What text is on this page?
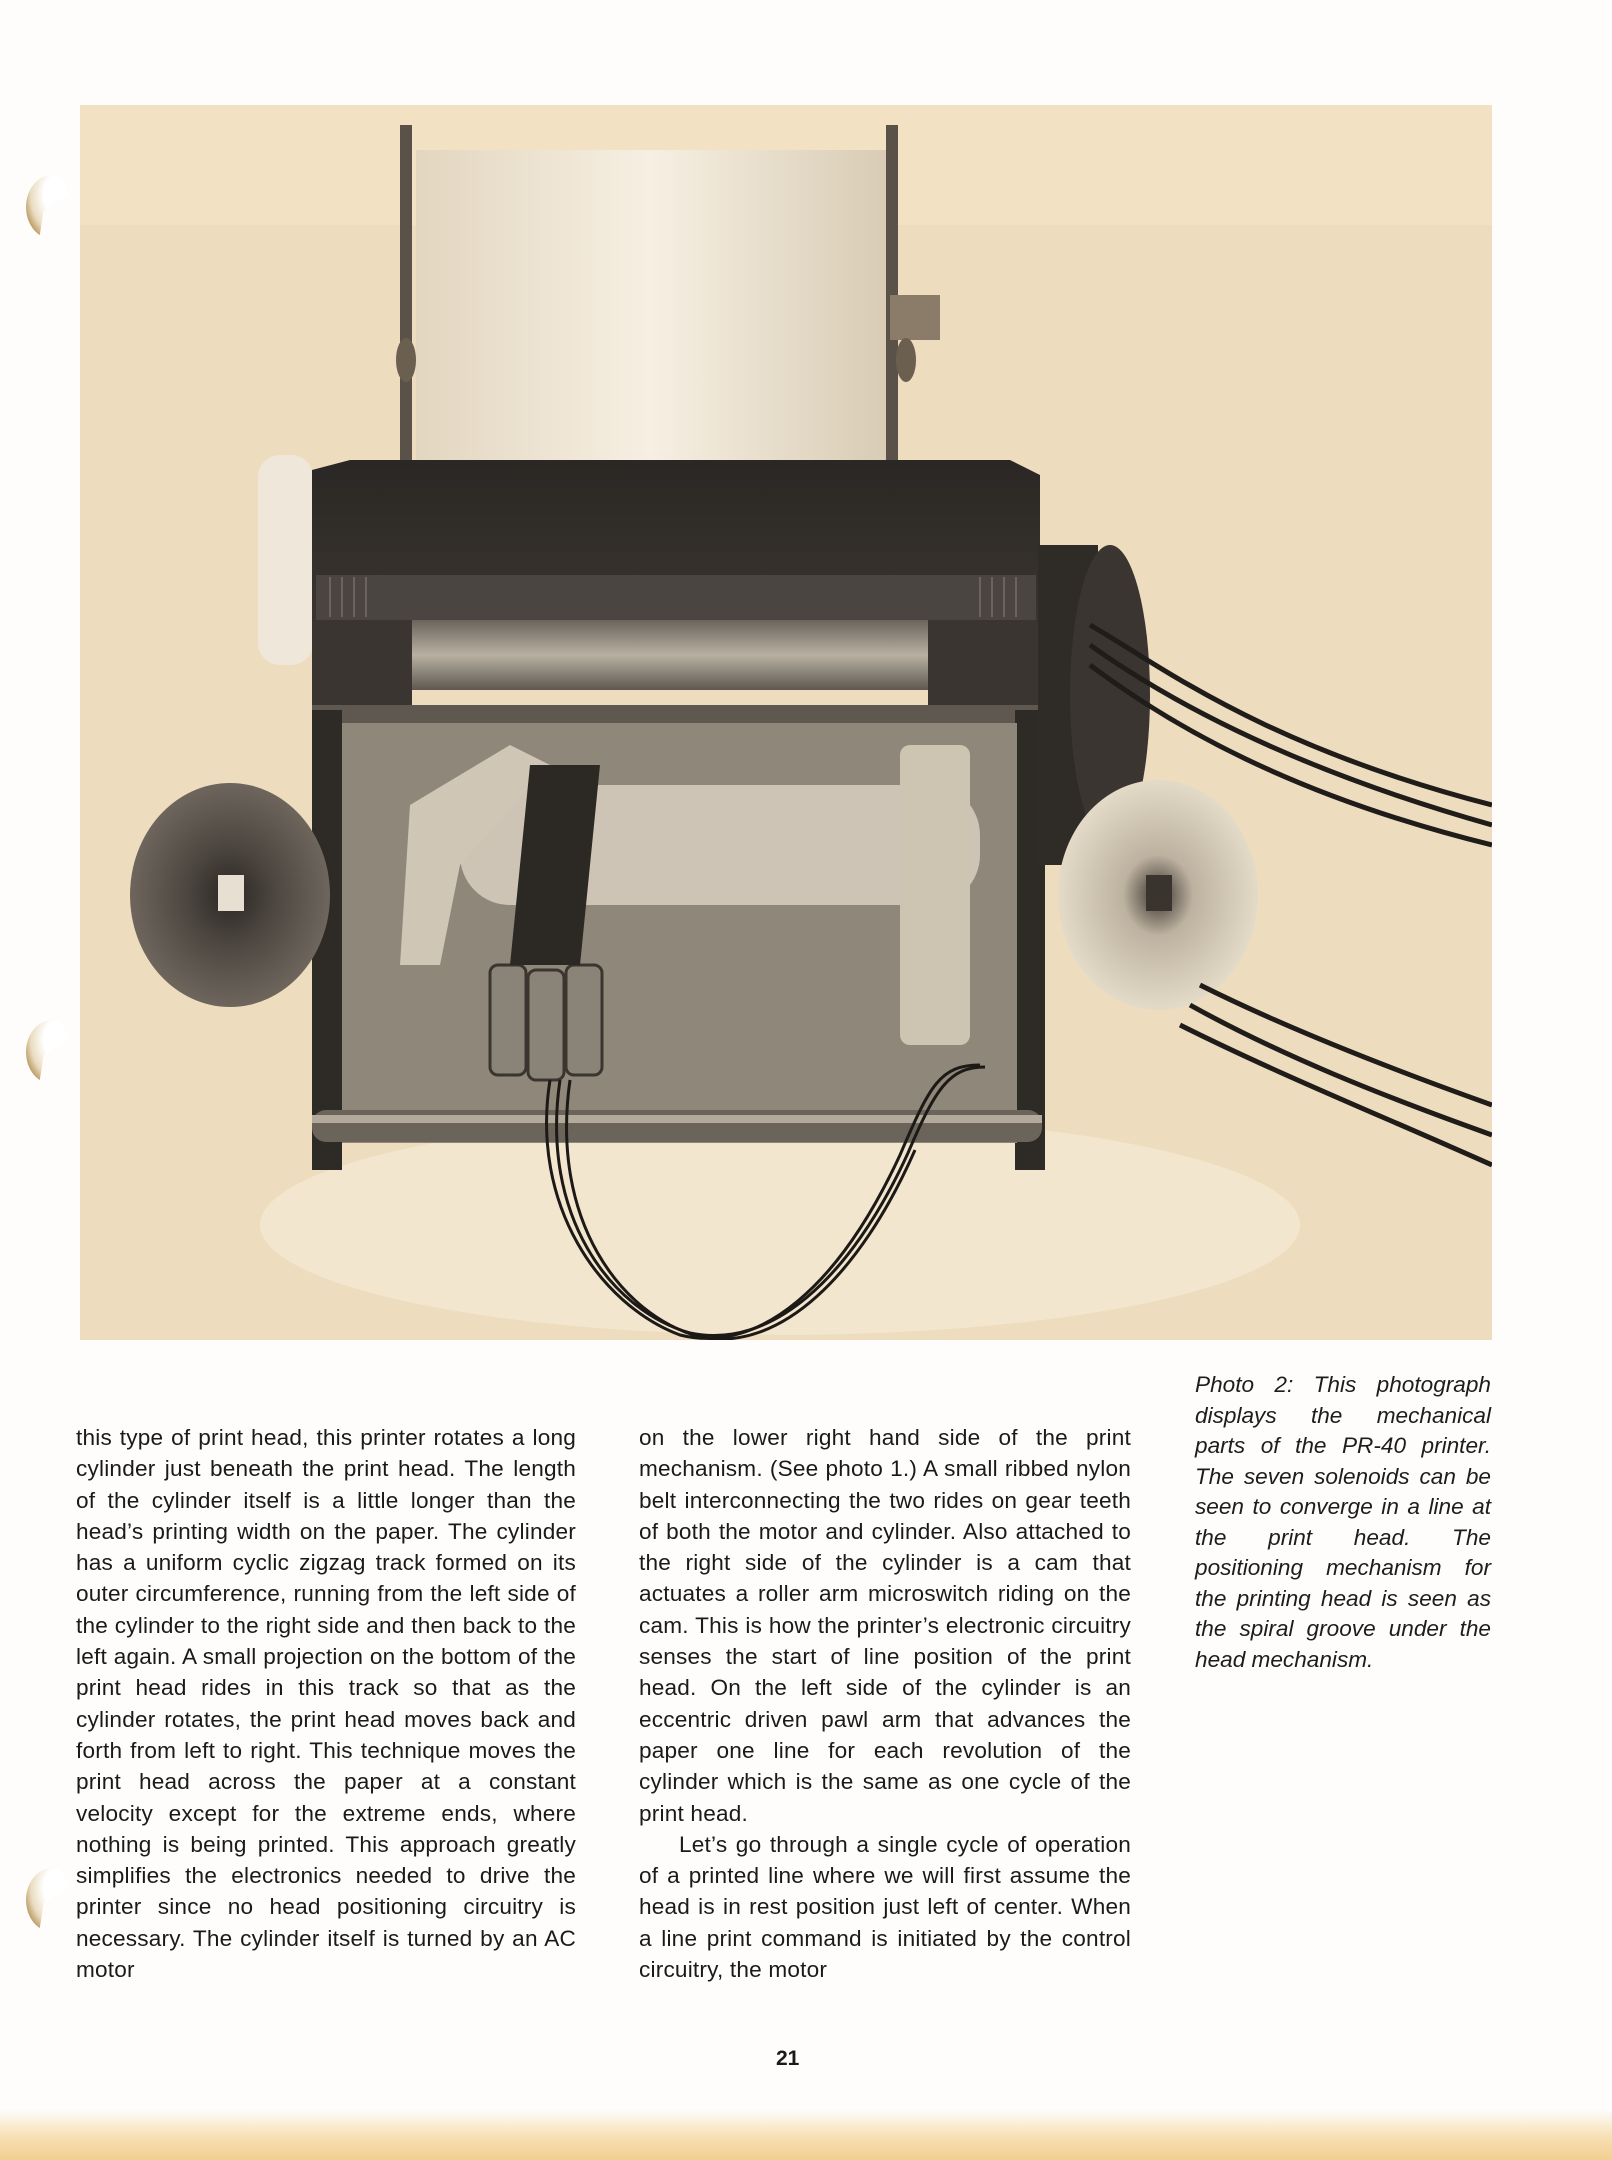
this type of print head, this printer rotates a long cylinder just beneath the print head. The length of the cylinder itself is a little longer than the head’s printing width on the paper. The cylinder has a uniform cyclic zigzag track formed on its outer circumference, running from the left side of the cylinder to the right side and then back to the left again. A small projection on the bottom of the print head rides in this track so that as the cylinder rotates, the print head moves back and forth from left to right. This technique moves the print head across the paper at a constant velocity except for the extreme ends, where nothing is being printed. This approach greatly simplifies the electronics needed to drive the printer since no head positioning circuitry is necessary. The cylinder itself is turned by an AC motor

on the lower right hand side of the print mechanism. (See photo 1.) A small ribbed nylon belt interconnecting the two rides on gear teeth of both the motor and cylinder. Also attached to the right side of the cylinder is a cam that actuates a roller arm microswitch riding on the cam. This is how the printer’s electronic circuitry senses the start of line position of the print head. On the left side of the cylinder is an eccentric driven pawl arm that advances the paper one line for each revolution of the cylinder which is the same as one cycle of the print head.

Let’s go through a single cycle of operation of a printed line where we will first assume the head is in rest position just left of center. When a line print command is initiated by the control circuitry, the motor

Photo 2: This photograph displays the mechanical parts of the PR-40 printer. The seven solenoids can be seen to converge in a line at the print head. The positioning mechanism for the printing head is seen as the spiral groove under the head mechanism.
21
